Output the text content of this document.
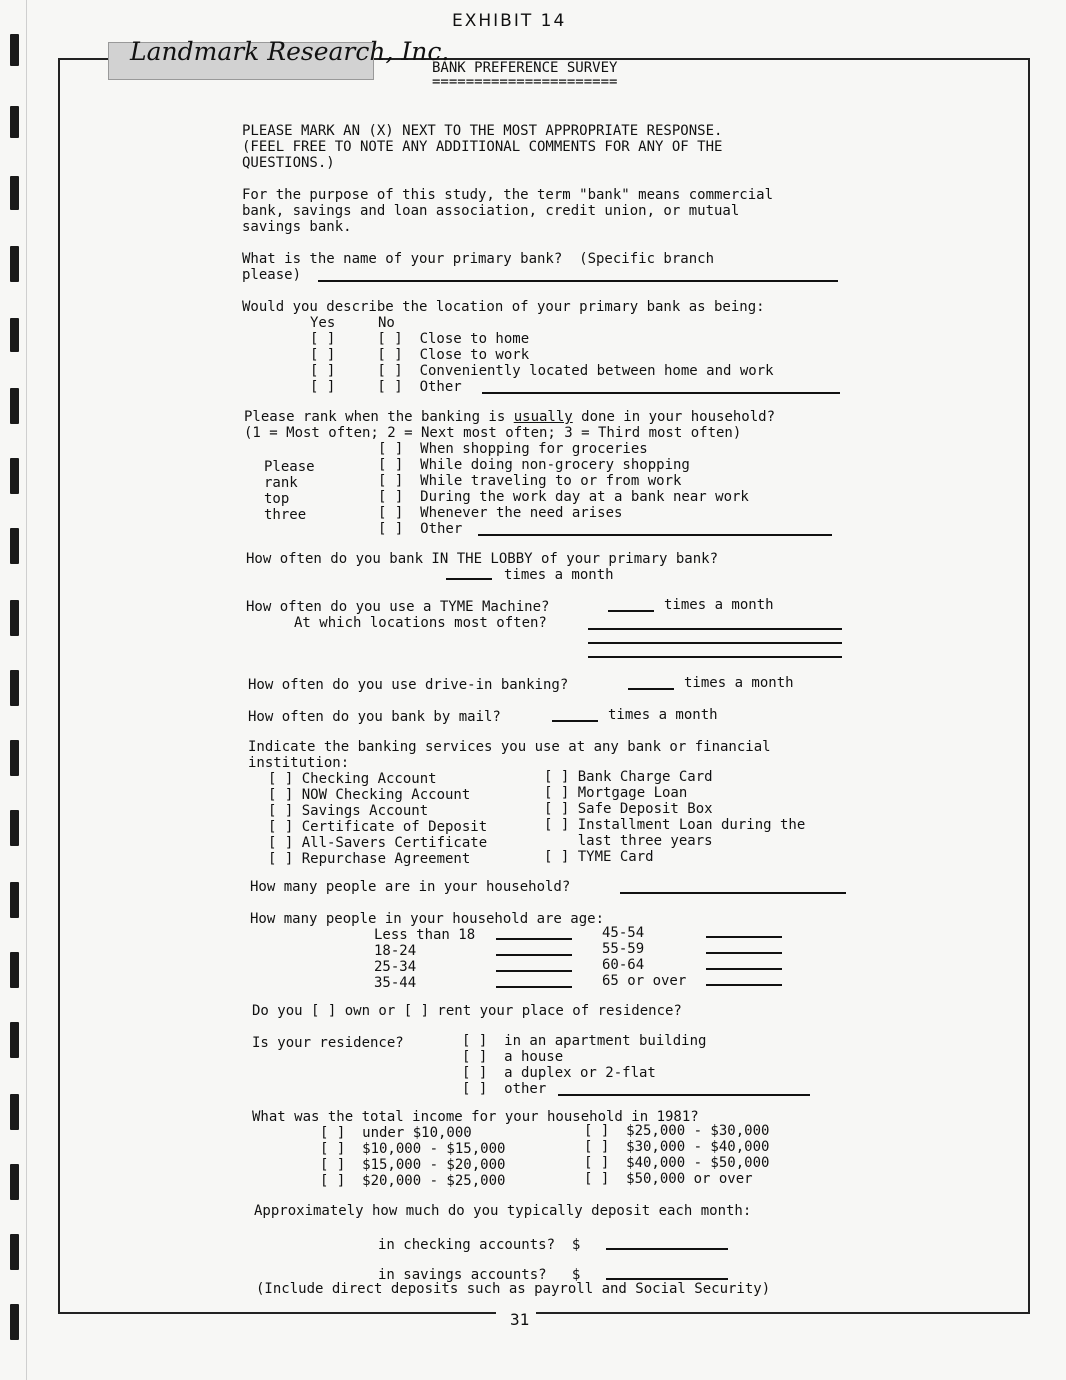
EXHIBIT 14
Landmark Research, Inc.
31
BANK PREFERENCE SURVEY
======================
PLEASE MARK AN (X) NEXT TO THE MOST APPROPRIATE RESPONSE.
(FEEL FREE TO NOTE ANY ADDITIONAL COMMENTS FOR ANY OF THE
QUESTIONS.)
For the purpose of this study, the term "bank" means commercial
bank, savings and loan association, credit union, or mutual
savings bank.
What is the name of your primary bank?  (Specific branch
please)
Would you describe the location of your primary bank as being:
Yes	No
[ ]     [ ]  Close to home
[ ]     [ ]  Close to work
[ ]     [ ]  Conveniently located between home and work
[ ]     [ ]  Other
Please rank when the banking is usually done in your household?
(1 = Most often; 2 = Next most often; 3 = Third most often)
[ ]  When shopping for groceries
[ ]  While doing non-grocery shopping
[ ]  While traveling to or from work
[ ]  During the work day at a bank near work
[ ]  Whenever the need arises
[ ]  Other
Please
rank
top
three
How often do you bank IN THE LOBBY of your primary bank?
times a month
How often do you use a TYME Machine?	times a month
At which locations most often?
How often do you use drive-in banking?	times a month
How often do you bank by mail?	times a month
Indicate the banking services you use at any bank or financial
institution:
[ ] Checking Account
[ ] NOW Checking Account
[ ] Savings Account
[ ] Certificate of Deposit
[ ] All-Savers Certificate
[ ] Repurchase Agreement
[ ] Bank Charge Card
[ ] Mortgage Loan
[ ] Safe Deposit Box
[ ] Installment Loan during the
last three years
[ ] TYME Card
How many people are in your household?
How many people in your household are age:
Less than 18
18-24
25-34
35-44
45-54
55-59
60-64
65 or over
Do you [ ] own or [ ] rent your place of residence?
Is your residence?	[ ]  in an apartment building
[ ]  a house
[ ]  a duplex or 2-flat
[ ]  other
What was the total income for your household in 1981?
[ ]  under $10,000
[ ]  $10,000 - $15,000
[ ]  $15,000 - $20,000
[ ]  $20,000 - $25,000
[ ]  $25,000 - $30,000
[ ]  $30,000 - $40,000
[ ]  $40,000 - $50,000
[ ]  $50,000 or over
Approximately how much do you typically deposit each month:
in checking accounts?  $
in savings accounts?   $
(Include direct deposits such as payroll and Social Security)
